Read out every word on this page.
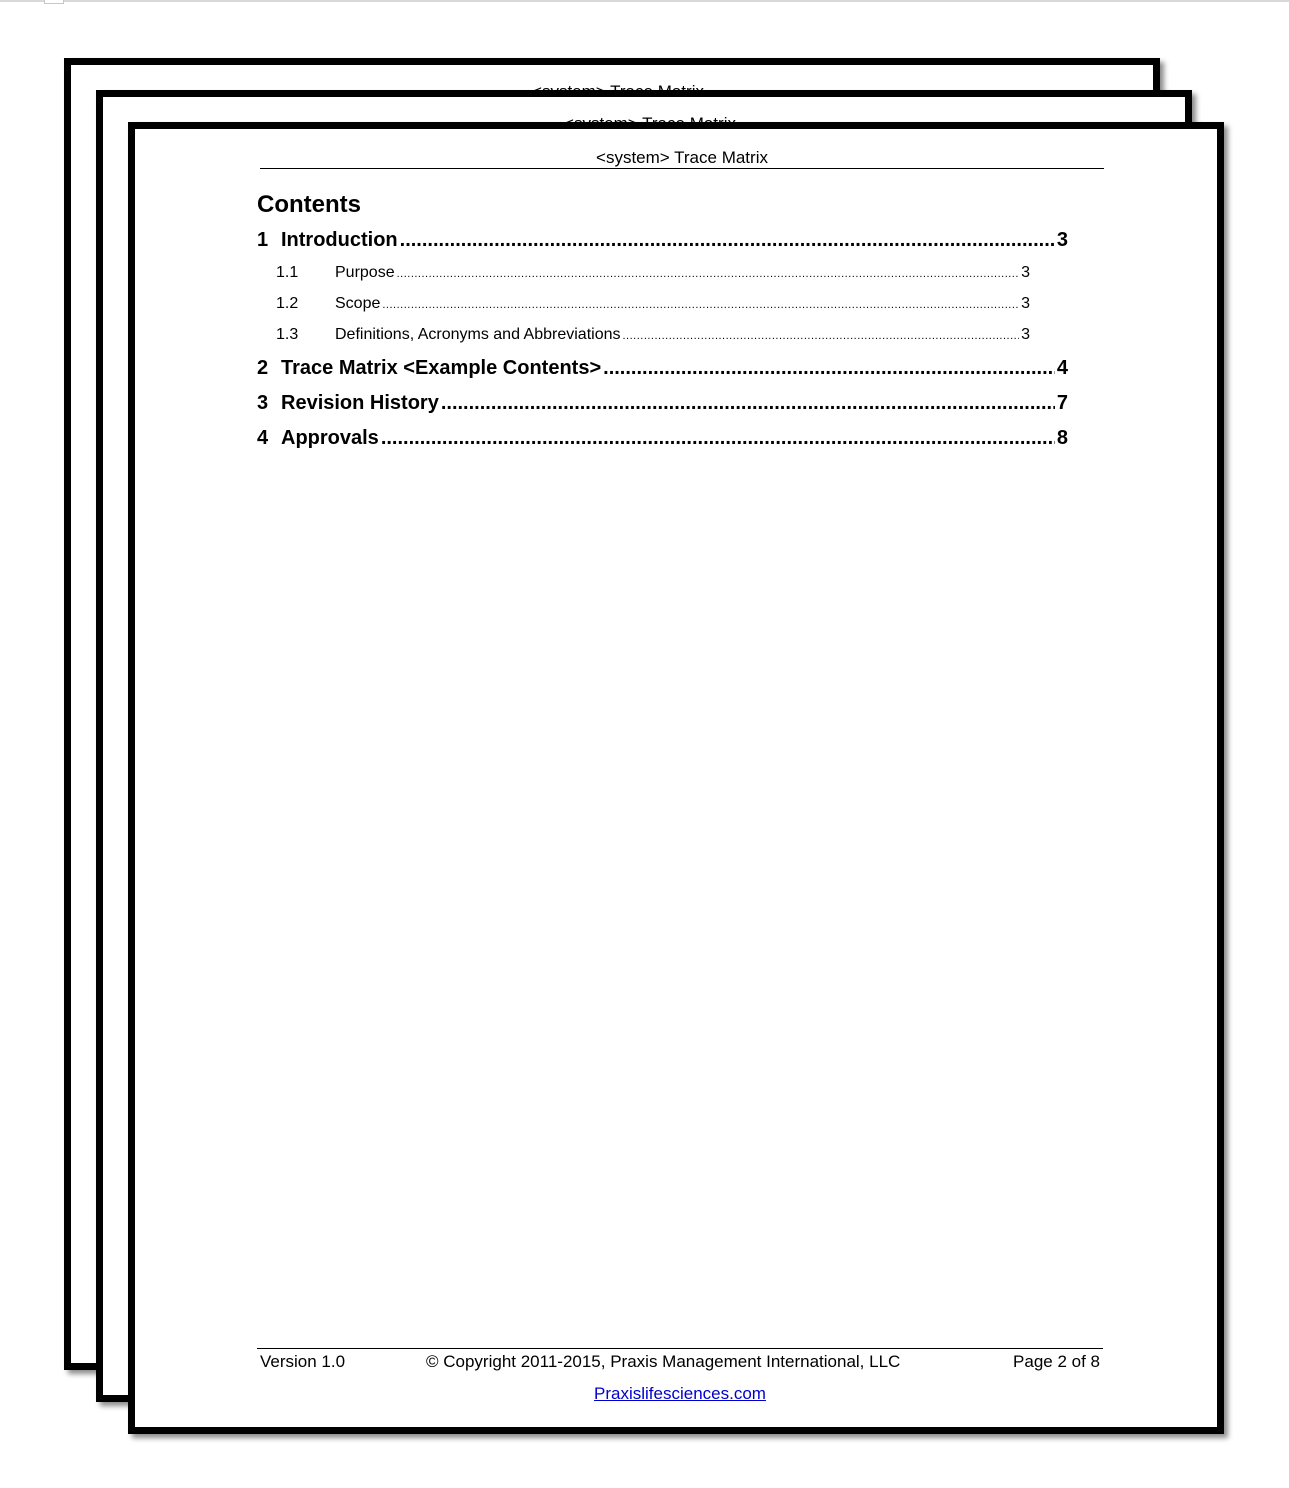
<system> Trace Matrix
Contents
1 Introduction .....	3
1.1	Purpose .....	3
1.2	Scope .....	3
1.3	Definitions, Acronyms and Abbreviations .....	3
2 Trace Matrix <Example Contents> .....	4
3 Revision History .....	7
4 Approvals .....	8
Version 1.0	© Copyright 2011-2015, Praxis Management International, LLC	Page 2 of 8
Praxislifesciences.com
